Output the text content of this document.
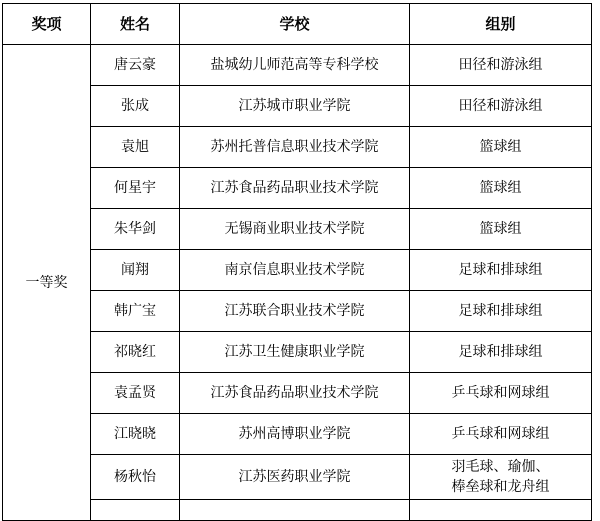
奖项	姓名	学校	组别
一等奖	唐云豪	盐城幼儿师范高等专科学校	田径和游泳组

	张成	江苏城市职业学院	田径和游泳组

	袁旭	苏州托普信息职业技术学院	篮球组

	何星宇	江苏食品药品职业技术学院	篮球组

	朱华剑	无锡商业职业技术学院	篮球组

	闻翔	南京信息职业技术学院	足球和排球组

	韩广宝	江苏联合职业技术学院	足球和排球组

	祁晓红	江苏卫生健康职业学院	足球和排球组

	袁孟贤	江苏食品药品职业技术学院	乒乓球和网球组

	江晓晓	苏州高博职业学院	乒乓球和网球组

	杨秋怡	江苏医药职业学院	羽毛球、瑜伽、
棒垒球和龙舟组
